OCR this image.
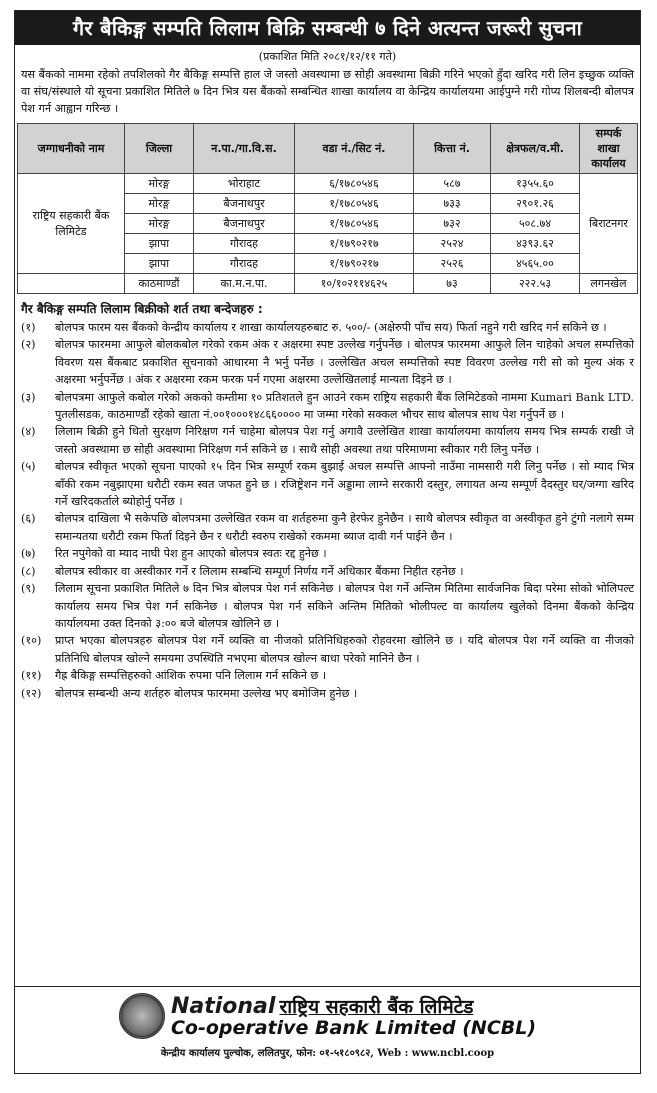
गैर बैकिङ्ग सम्पति लिलाम बिक्रि सम्बन्धी ७ दिने अत्यन्त जरूरी सुचना
(प्रकाशित मिति २०८१/१२/११ गते)
यस बैंकको नाममा रहेको तपशिलको गैर बैकिङ्ग सम्पत्ति हाल जे जस्तो अवस्थामा छ सोही अवस्थामा बिक्री गरिने भएको हुँदा खरिद गरी लिन इच्छुक व्यक्ति वा संघ/संस्थाले यो सूचना प्रकाशित मितिले ७ दिन भित्र यस बैंकको सम्बन्धित शाखा कार्यालय वा केन्द्रिय कार्यालयमा आईपुग्ने गरी गोप्य शिलबन्दी बोलपत्र पेश गर्न आह्वान गरिन्छ ।
जग्गाधनीको नाम	जिल्ला	न.पा./गा.वि.स.	वडा नं./सिट नं.	कित्ता नं.	क्षेत्रफल/व.मी.	सम्पर्क शाखा कार्यालय
राष्ट्रिय सहकारी बैंक लिमिटेड	मोरङ्ग	भोराहाट	६/१७८०५४६	५८७	१३५५.६०	बिराटनगर
	मोरङ्ग	बैजनाथपुर	१/१७८०५४६	७३३	२९०१.२६	
	मोरङ्ग	बैजनाथपुर	१/१७८०५४६	७३२	५०८.७४	
	झापा	गौरादह	१/१७९०२१७	२५२४	४३९३.६२	
	झापा	गौरादह	१/१७९०२१७	२५२६	४५६५.००	
	काठमाण्डौं	का.म.न.पा.	१०/१०२११४६२५	७३	२२२.५३	लगनखेल
गैर बैकिङ्ग सम्पति लिलाम बिक्रीको शर्त तथा बन्देजहरु :
(१)	बोलपत्र फारम यस बैंकको केन्द्रीय कार्यालय र शाखा कार्यालयहरुबाट रु. ५००/- (अक्षेरुपी पाँच सय) फिर्ता नहुने गरी खरिद गर्न सकिने छ ।
(२)	बोलपत्र फारममा आफुले बोलकबोल गरेको रकम अंक र अक्षरमा स्पष्ट उल्लेख गर्नुपर्नेछ । बोलपत्र फारममा आफुले लिन चाहेको अचल सम्पत्तिको विवरण यस बैंकबाट प्रकाशित सूचनाको आधारमा नै भर्नु पर्नेछ । उल्लेखित अचल सम्पत्तिको स्पष्ट विवरण उल्लेख गरी सो को मुल्य अंक र अक्षरमा भर्नुपर्नेछ । अंक र अक्षरमा रकम फरक पर्न गएमा अक्षरमा उल्लेखितलाई मान्यता दिइने छ ।
(३)	बोलपत्रमा आफुले कबोल गरेको अकको कम्तीमा १० प्रतिशतले हुन आउने रकम राष्ट्रिय सहकारी बैंक लिमिटेडको नाममा Kumari Bank LTD. पुतलीसडक, काठमाण्डौं रहेको खाता नं.००१०००१४८६६०००० मा जम्मा गरेको सक्कल भौचर साथ बोलपत्र साथ पेश गर्नुपर्ने छ ।
(४)	लिलाम बिक्री हुने धितो सुरक्षण निरिक्षण गर्न चाहेमा बोलपत्र पेश गर्नु अगावै उल्लेखित शाखा कार्यालयमा कार्यालय समय भित्र सम्पर्क राखी जे जस्तो अवस्थामा छ सोही अवस्थामा निरिक्षण गर्न सकिने छ । साथै सोही अवस्था तथा परिमाणमा स्वीकार गरी लिनु पर्नेछ ।
(५)	बोलपत्र स्वीकृत भएको सूचना पाएको १५ दिन भित्र सम्पूर्ण रकम बुझाई अचल सम्पत्ति आफ्नो नाउँमा नामसारी गरी लिनु पर्नेछ । सो म्याद भित्र बाँकी रकम नबुझाएमा धरौटी रकम स्वत जफत हुने छ । रजिष्ट्रेशन गर्ने अड्डामा लाग्ने सरकारी दस्तुर, लगायत अन्य सम्पूर्ण दैदस्तुर घर/जग्गा खरिद गर्ने खरिदकर्ताले ब्योहोर्नु पर्नेछ ।
(६)	बोलपत्र दाखिला भै सकेपछि बोलपत्रमा उल्लेखित रकम वा शर्तहरुमा कुनै हेरफेर हुनेछैन । साथै बोलपत्र स्वीकृत वा अस्वीकृत हुने टुंगो नलागे सम्म समान्यतया धरौटी रकम फिर्ता दिइने छैन र धरौटी स्वरुप राखेको रकममा ब्याज दावी गर्न पाईने छैन ।
(७)	रित नपुगेको वा म्याद नाघी पेश हुन आएको बोलपत्र स्वतः रद्द हुनेछ ।
(८)	बोलपत्र स्वीकार वा अस्वीकार गर्ने र लिलाम सम्बन्धि सम्पूर्ण निर्णय गर्ने अधिकार बैंकमा निहीत रहनेछ ।
(९)	लिलाम सूचना प्रकाशित मितिले ७ दिन भित्र बोलपत्र पेश गर्न सकिनेछ । बोलपत्र पेश गर्ने अन्तिम मितिमा सार्वजनिक बिदा परेमा सोको भोलिपल्ट कार्यालय समय भित्र पेश गर्न सकिनेछ । बोलपत्र पेश गर्न सकिने अन्तिम मितिको भोलीपल्ट वा कार्यालय खुलेको दिनमा बैंकको केन्द्रिय कार्यालयमा उक्त दिनको ३:०० बजे बोलपत्र खोलिने छ ।
(१०)	प्राप्त भएका बोलपत्रहरु बोलपत्र पेश गर्ने व्यक्ति वा नीजको प्रतिनिधिहरुको रोहवरमा खोलिने छ । यदि बोलपत्र पेश गर्ने व्यक्ति वा नीजको प्रतिनिधि बोलपत्र खोल्ने समयमा उपस्थिति नभएमा बोलपत्र खोल्न बाधा परेको मानिने छैन ।
(११)	गैह्र बैकिङ्ग सम्पत्तिहरुको आंशिक रुपमा पनि लिलाम गर्न सकिने छ ।
(१२)	बोलपत्र सम्बन्धी अन्य शर्तहरु बोलपत्र फारममा उल्लेख भए बमोजिम हुनेछ ।
National राष्ट्रिय सहकारी बैंक लिमिटेड
Co-operative Bank Limited (NCBL)
केन्द्रीय कार्यालय पुल्चोक, ललितपुर, फोन: ०१-५१८०९८२, Web : www.ncbl.coop
